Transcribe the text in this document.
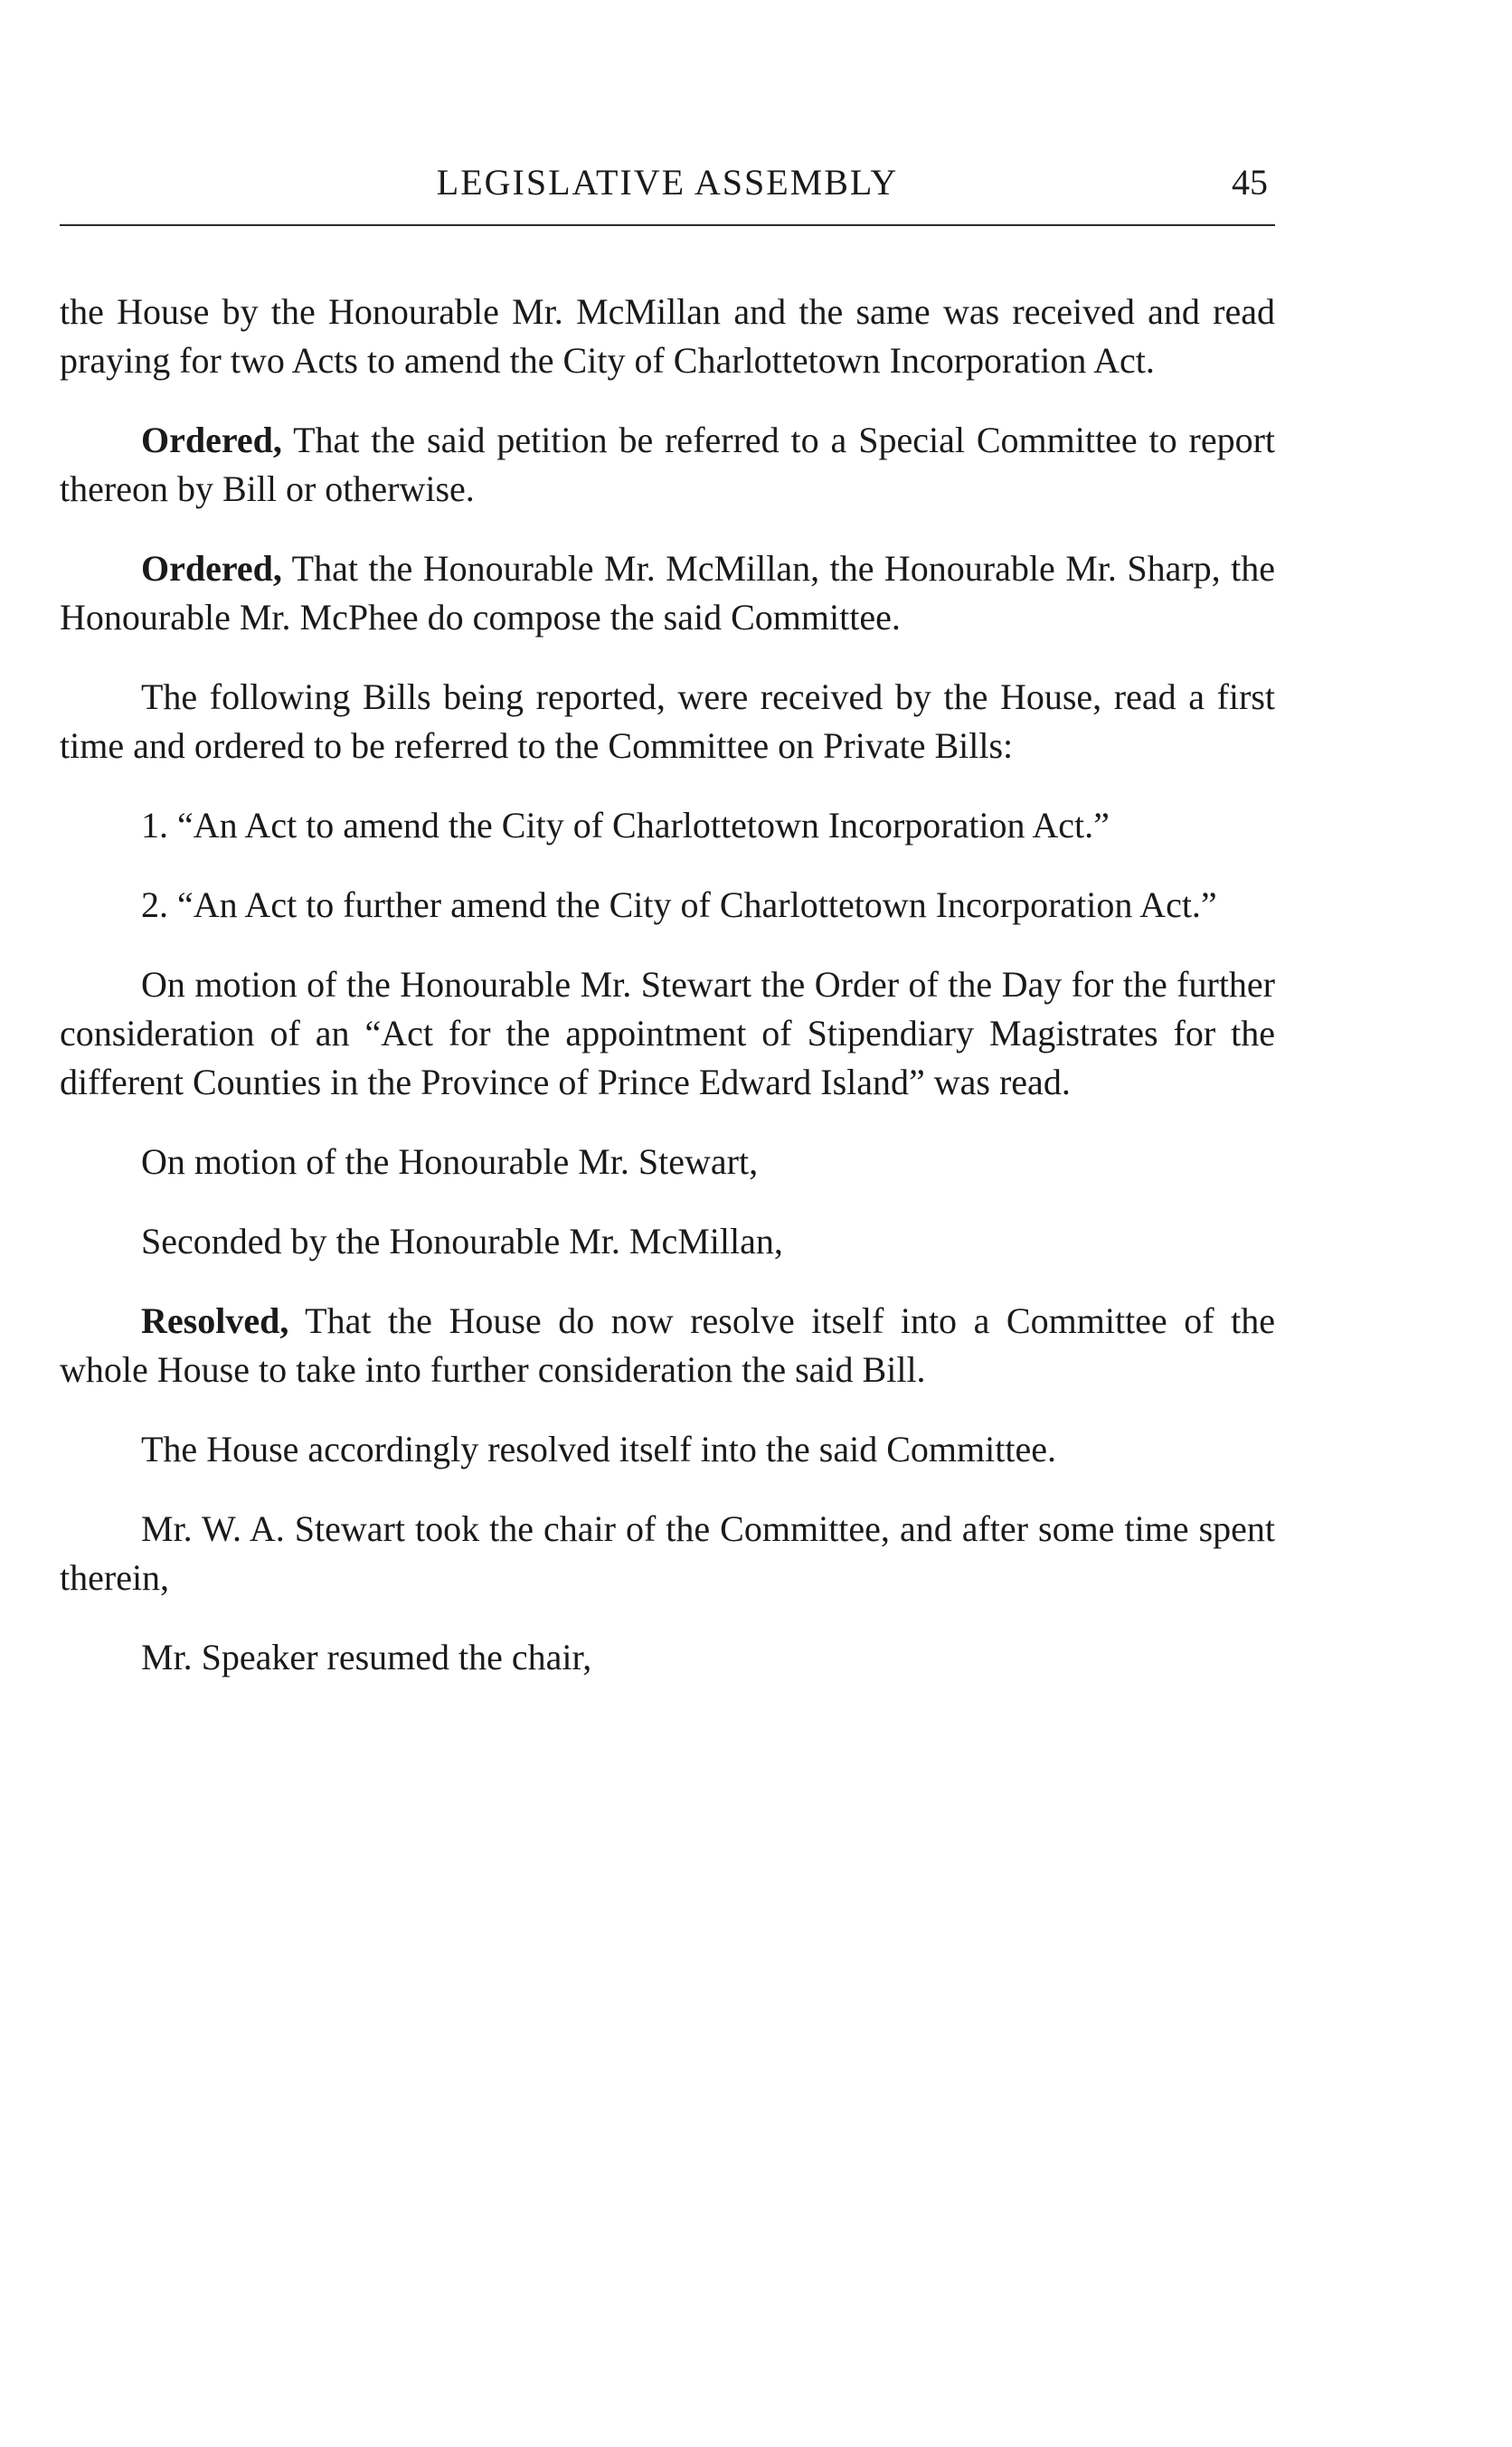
LEGISLATIVE ASSEMBLY	45

the House by the Honourable Mr. McMillan and the same was received and read praying for two Acts to amend the City of Charlottetown Incorporation Act.

Ordered, That the said petition be referred to a Special Committee to report thereon by Bill or otherwise.

Ordered, That the Honourable Mr. McMillan, the Honourable Mr. Sharp, the Honourable Mr. McPhee do compose the said Committee.

The following Bills being reported, were received by the House, read a first time and ordered to be referred to the Committee on Private Bills:

1. “An Act to amend the City of Charlottetown Incorporation Act.”

2. “An Act to further amend the City of Charlottetown Incorporation Act.”

On motion of the Honourable Mr. Stewart the Order of the Day for the further consideration of an “Act for the appointment of Stipendiary Magistrates for the different Counties in the Province of Prince Edward Island” was read.

On motion of the Honourable Mr. Stewart,

Seconded by the Honourable Mr. McMillan,

Resolved, That the House do now resolve itself into a Committee of the whole House to take into further consideration the said Bill.

The House accordingly resolved itself into the said Committee.

Mr. W. A. Stewart took the chair of the Committee, and after some time spent therein,

Mr. Speaker resumed the chair,
